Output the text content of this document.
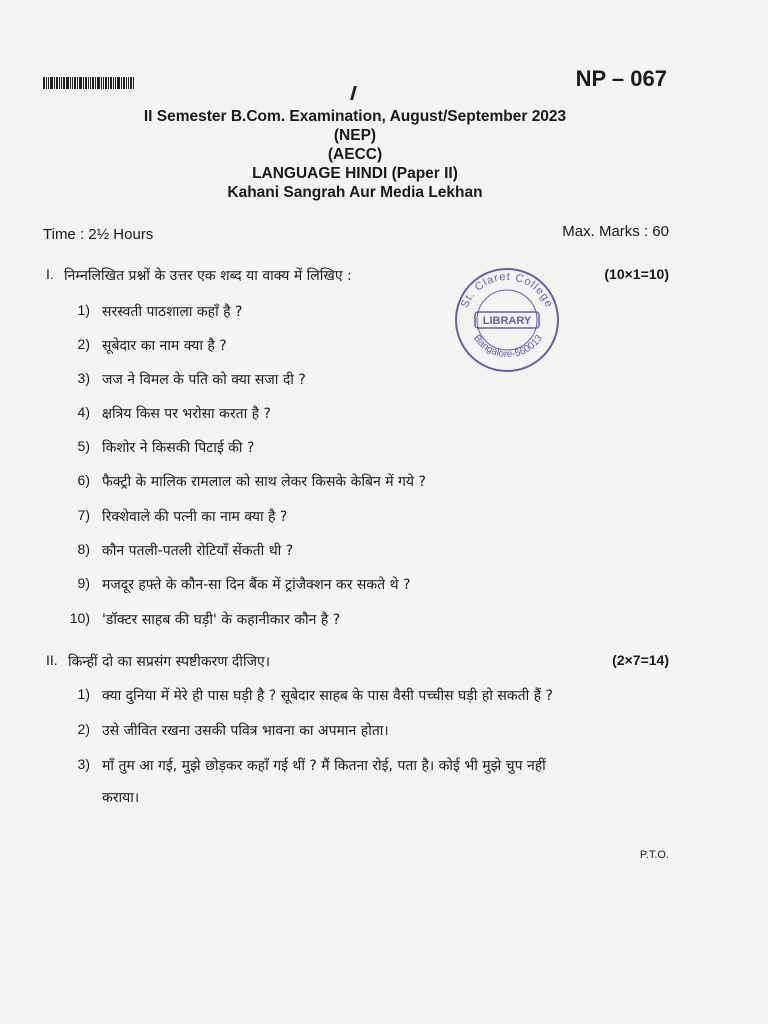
NP – 067
II Semester B.Com. Examination, August/September 2023
(NEP)
(AECC)
LANGUAGE HINDI (Paper II)
Kahani Sangrah Aur Media Lekhan
Time : 2½ Hours	Max. Marks : 60
St. Claret College
LIBRARY
Bangalore-560013
I. निम्नलिखित प्रश्नों के उत्तर एक शब्द या वाक्य में लिखिए :	(10×1=10)
1) सरस्वती पाठशाला कहाँ है ?
2) सूबेदार का नाम क्या है ?
3) जज ने विमल के पति को क्या सजा दी ?
4) क्षत्रिय किस पर भरोसा करता है ?
5) किशोर ने किसकी पिटाई की ?
6) फैक्ट्री के मालिक रामलाल को साथ लेकर किसके केबिन में गये ?
7) रिक्शेवाले की पत्नी का नाम क्या है ?
8) कौन पतली-पतली रोटियाँ सेंकती थी ?
9) मजदूर हफ्ते के कौन-सा दिन बैंक में ट्रांजैक्शन कर सकते थे ?
10) 'डॉक्टर साहब की घड़ी' के कहानीकार कौन है ?
II. किन्हीं दो का सप्रसंग स्पष्टीकरण दीजिए।	(2×7=14)
1) क्या दुनिया में मेरे ही पास घड़ी है ? सूबेदार साहब के पास वैसी पच्चीस घड़ी हो सकती हैं ?
2) उसे जीवित रखना उसकी पवित्र भावना का अपमान होता।
3) माँ तुम आ गई, मुझे छोड़कर कहाँ गई थीं ? मैं कितना रोई, पता है। कोई भी मुझे चुप नहीं
कराया।
P.T.O.
